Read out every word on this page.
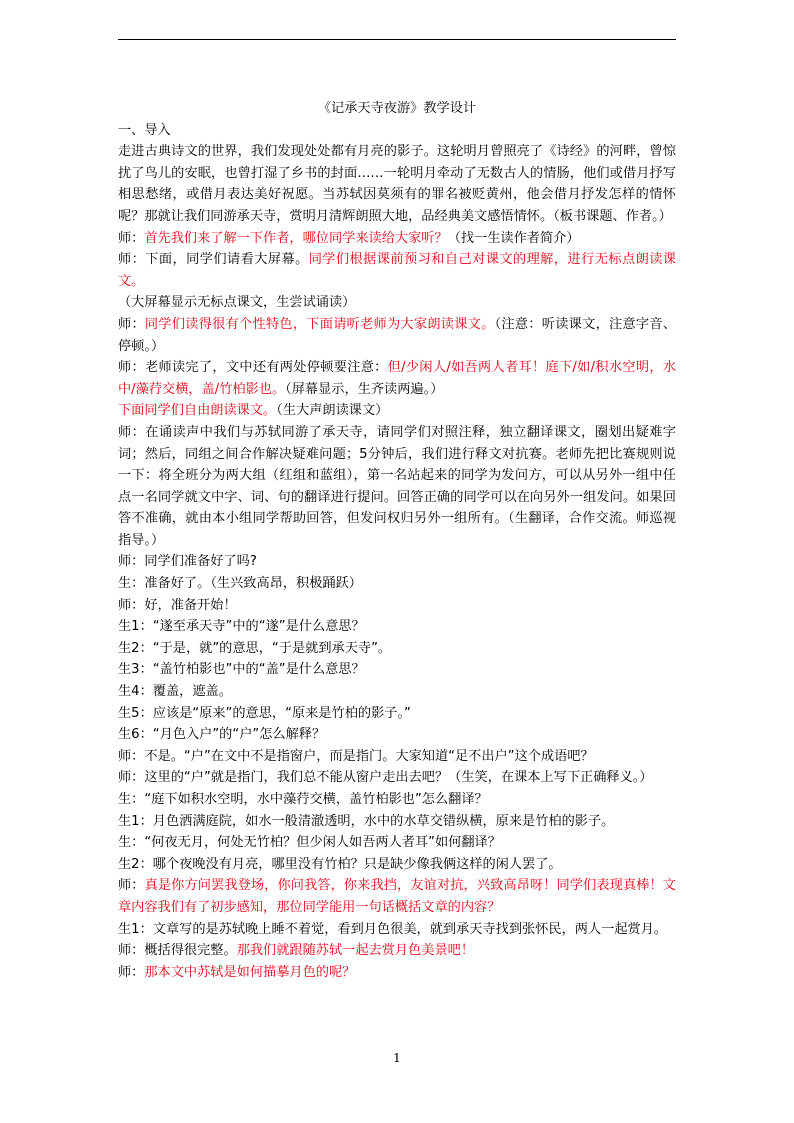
《记承天寺夜游》教学设计

一、导入

走进古典诗文的世界，我们发现处处都有月亮的影子。这轮明月曾照亮了《诗经》的河畔，曾惊扰了鸟儿的安眠，也曾打湿了乡书的封面……一轮明月牵动了无数古人的情肠，他们或借月抒写相思愁绪，或借月表达美好祝愿。当苏轼因莫须有的罪名被贬黄州，他会借月抒发怎样的情怀呢？那就让我们同游承天寺，赏明月清辉朗照大地，品经典美文感悟情怀。（板书课题、作者。）

师：首先我们来了解一下作者，哪位同学来读给大家听？（找一生读作者简介）

师：下面，同学们请看大屏幕。同学们根据课前预习和自己对课文的理解，进行无标点朗读课文。

（大屏幕显示无标点课文，生尝试诵读）

师：同学们读得很有个性特色，下面请听老师为大家朗读课文。（注意：听读课文，注意字音、停顿。）

师：老师读完了，文中还有两处停顿要注意：但/少闲人/如吾两人者耳！庭下/如/积水空明，水中/藻荇交横，盖/竹柏影也。（屏幕显示，生齐读两遍。）

下面同学们自由朗读课文。（生大声朗读课文）

师：在诵读声中我们与苏轼同游了承天寺，请同学们对照注释，独立翻译课文，圈划出疑难字词；然后，同组之间合作解决疑难问题；5分钟后，我们进行释文对抗赛。老师先把比赛规则说一下：将全班分为两大组（红组和蓝组），第一名站起来的同学为发问方，可以从另外一组中任点一名同学就文中字、词、句的翻译进行提问。回答正确的同学可以在向另外一组发问。如果回答不准确，就由本小组同学帮助回答，但发问权归另外一组所有。（生翻译，合作交流。师巡视指导。）

师：同学们准备好了吗?

生：准备好了。（生兴致高昂，积极踊跃）

师：好，准备开始！

生1：“遂至承天寺”中的“遂”是什么意思？

生2：“于是，就”的意思，“于是就到承天寺”。

生3：“盖竹柏影也”中的“盖”是什么意思？

生4：覆盖，遮盖。

生5：应该是“原来”的意思，“原来是竹柏的影子。”

生6：“月色入户”的“户”怎么解释？

师：不是。“户”在文中不是指窗户，而是指门。大家知道“足不出户”这个成语吧？

师：这里的“户”就是指门，我们总不能从窗户走出去吧？（生笑，在课本上写下正确释义。）

生：“庭下如积水空明，水中藻荇交横，盖竹柏影也”怎么翻译？

生1：月色洒满庭院，如水一般清澈透明，水中的水草交错纵横，原来是竹柏的影子。

生：“何夜无月，何处无竹柏？但少闲人如吾两人者耳”如何翻译？

生2：哪个夜晚没有月亮，哪里没有竹柏？只是缺少像我俩这样的闲人罢了。

师：真是你方问罢我登场，你问我答，你来我挡，友谊对抗，兴致高昂呀！同学们表现真棒！文章内容我们有了初步感知，那位同学能用一句话概括文章的内容？

生1：文章写的是苏轼晚上睡不着觉，看到月色很美，就到承天寺找到张怀民，两人一起赏月。

师：概括得很完整。那我们就跟随苏轼一起去赏月色美景吧！

师：那本文中苏轼是如何描摹月色的呢？

1
